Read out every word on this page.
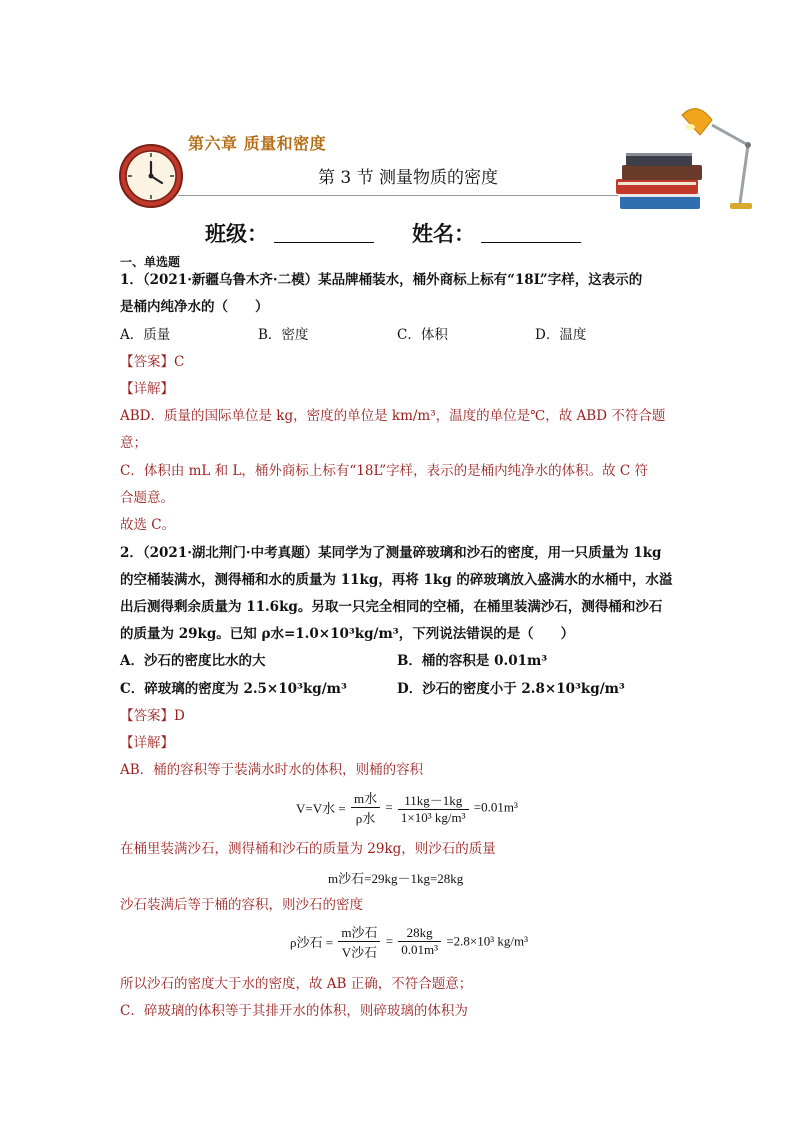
第六章 质量和密度
第 3 节 测量物质的密度
班级：	姓名：
一、单选题
1．（2021·新疆乌鲁木齐·二模）某品牌桶装水，桶外商标上标有“18L”字样，这表示的
是桶内纯净水的（　　）
A．质量	B．密度	C．体积	D．温度
【答案】C
【详解】
ABD．质量的国际单位是 kg，密度的单位是 km/m³，温度的单位是℃，故 ABD 不符合题
意；
C．体积由 mL 和 L，桶外商标上标有“18L”字样，表示的是桶内纯净水的体积。故 C 符
合题意。
故选 C。
2．（2021·湖北荆门·中考真题）某同学为了测量碎玻璃和沙石的密度，用一只质量为 1kg
的空桶装满水，测得桶和水的质量为 11kg，再将 1kg 的碎玻璃放入盛满水的水桶中，水溢
出后测得剩余质量为 11.6kg。另取一只完全相同的空桶，在桶里装满沙石，测得桶和沙石
的质量为 29kg。已知 ρ水=1.0×10³kg/m³，下列说法错误的是（　　）
A．沙石的密度比水的大	B．桶的容积是 0.01m³
C．碎玻璃的密度为 2.5×10³kg/m³	D．沙石的密度小于 2.8×10³kg/m³
【答案】D
【详解】
AB．桶的容积等于装满水时水的体积，则桶的容积
V=V水 = $\frac{\text{m水}}{\text{ρ水}} = \frac{11kg-1kg}{\text{1×10³ kg/m³}} =0.01m^3$
在桶里装满沙石，测得桶和沙石的质量为 29kg，则沙石的质量
m沙石=29kg－1kg=28kg
沙石装满后等于桶的容积，则沙石的密度
ρ沙石 = $\frac{\text{m沙石}}{\text{V沙石}} = \frac{28kg}{\text{0.01m³}} =2.8\times 10^3$ kg/m³
所以沙石的密度大于水的密度，故 AB 正确，不符合题意；
C．碎玻璃的体积等于其排开水的体积，则碎玻璃的体积为
